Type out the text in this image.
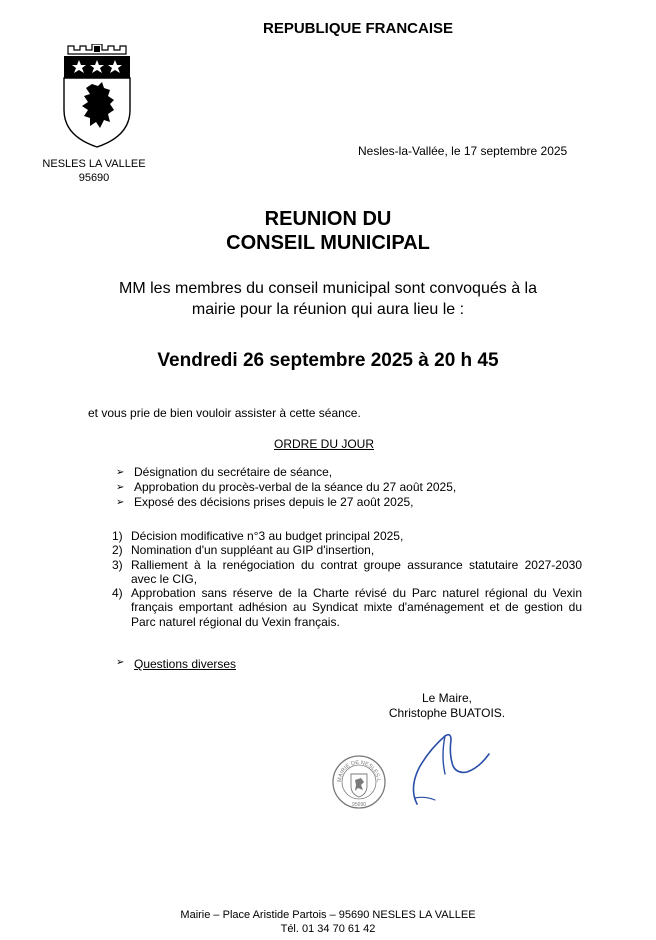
REPUBLIQUE FRANCAISE
NESLES LA VALLEE
95690
Nesles-la-Vallée, le 17 septembre 2025
REUNION DU
CONSEIL MUNICIPAL
MM les membres du conseil municipal sont convoqués à la
mairie pour la réunion qui aura lieu le :
Vendredi 26 septembre 2025 à 20 h 45
et vous prie de bien vouloir assister à cette séance.
ORDRE DU JOUR
➢ Désignation du secrétaire de séance,
➢ Approbation du procès-verbal de la séance du 27 août 2025,
➢ Exposé des décisions prises depuis le 27 août 2025,
1) Décision modificative n°3 au budget principal 2025,
2) Nomination d'un suppléant au GIP d'insertion,
3) Ralliement à la renégociation du contrat groupe assurance statutaire 2027-2030 avec le CIG,
4) Approbation sans réserve de la Charte révisé du Parc naturel régional du Vexin français emportant adhésion au Syndicat mixte d'aménagement et de gestion du Parc naturel régional du Vexin français.
➢ Questions diverses
Le Maire,
Christophe BUATOIS.
MAIRIE DE NESLES-L
95690
Mairie – Place Aristide Partois – 95690 NESLES LA VALLEE
Tél. 01 34 70 61 42
